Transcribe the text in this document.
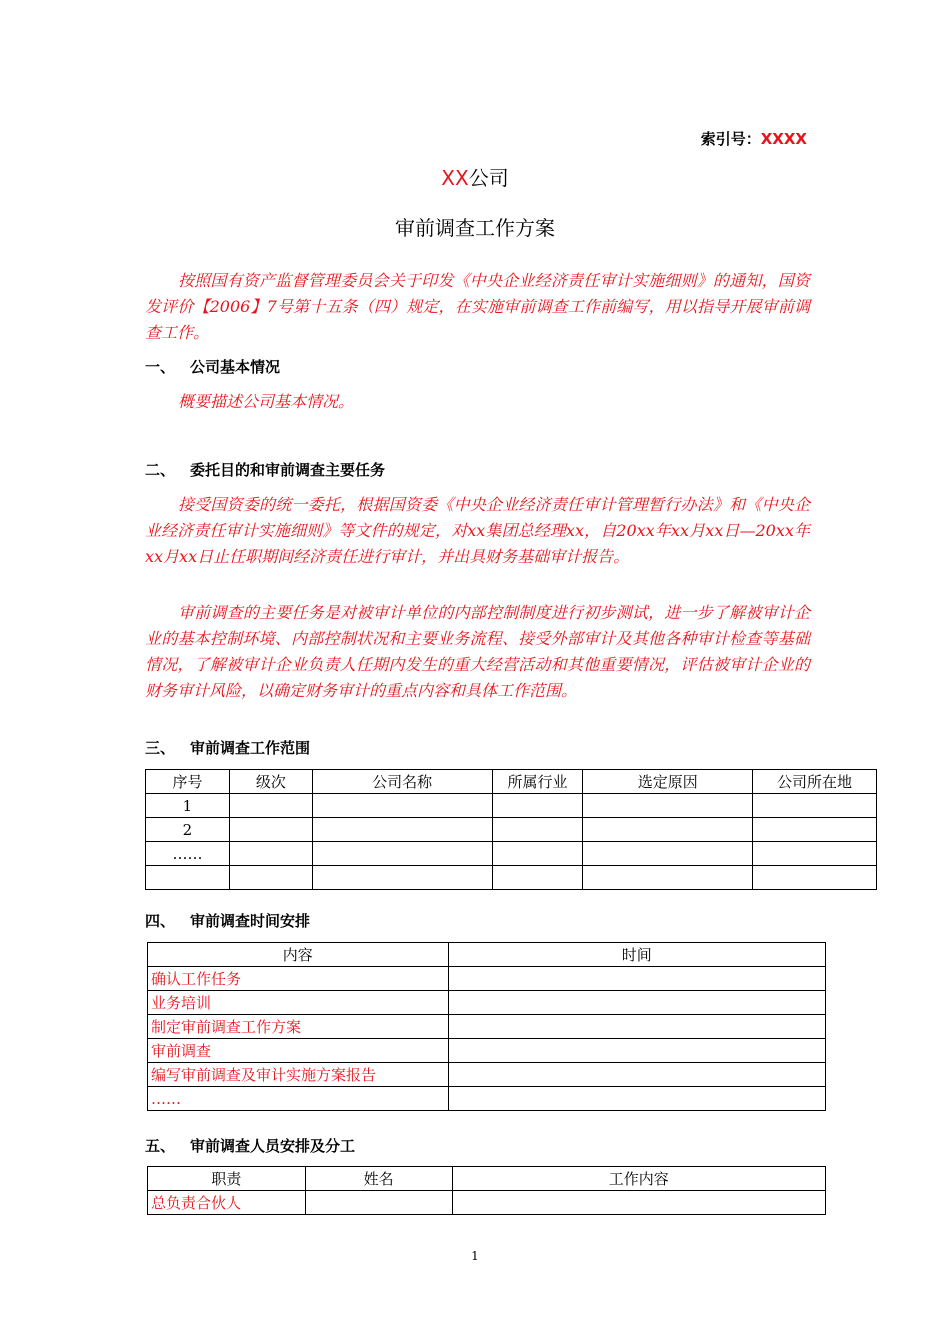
索引号：XXXX
XX公司
审前调查工作方案
按照国有资产监督管理委员会关于印发《中央企业经济责任审计实施细则》的通知，国资发评价【2006】7号第十五条（四）规定，在实施审前调查工作前编写，用以指导开展审前调查工作。
一、 公司基本情况
概要描述公司基本情况。
二、 委托目的和审前调查主要任务
接受国资委的统一委托，根据国资委《中央企业经济责任审计管理暂行办法》和《中央企业经济责任审计实施细则》等文件的规定，对xx集团总经理xx，自20xx年xx月xx日—20xx年xx月xx日止任职期间经济责任进行审计，并出具财务基础审计报告。
审前调查的主要任务是对被审计单位的内部控制制度进行初步测试，进一步了解被审计企业的基本控制环境、内部控制状况和主要业务流程、接受外部审计及其他各种审计检查等基础情况，了解被审计企业负责人任期内发生的重大经营活动和其他重要情况，评估被审计企业的财务审计风险，以确定财务审计的重点内容和具体工作范围。
三、 审前调查工作范围
序号	级次	公司名称	所属行业	选定原因	公司所在地
1					
2					
……					

四、 审前调查时间安排
内容	时间
确认工作任务	
业务培训	
制定审前调查工作方案	
审前调查	
编写审前调查及审计实施方案报告	
……	
五、 审前调查人员安排及分工
职责	姓名	工作内容
总负责合伙人		
1
